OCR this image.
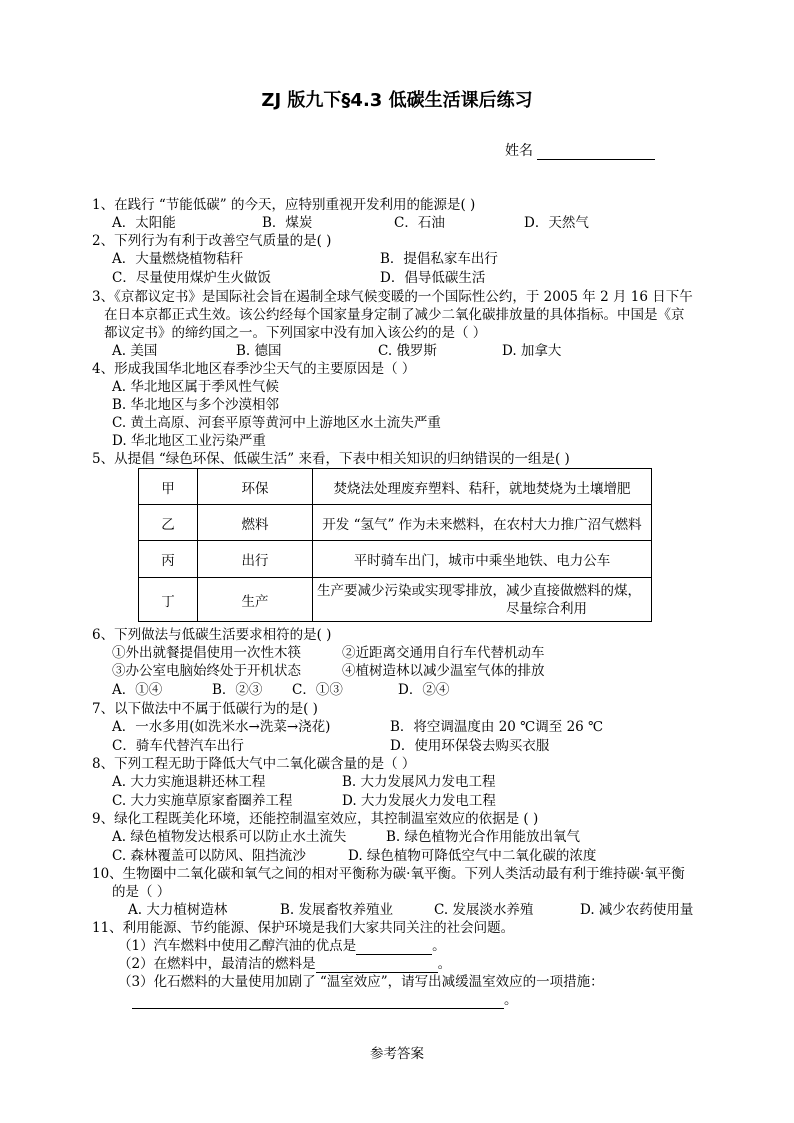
ZJ 版九下§4.3 低碳生活课后练习
姓名
1、在践行 “节能低碳” 的今天，应特别重视开发利用的能源是( )
A．太阳能	B．煤炭	C．石油	D．天然气
2、下列行为有利于改善空气质量的是( )
A．大量燃烧植物秸秆	B．提倡私家车出行
C．尽量使用煤炉生火做饭	D．倡导低碳生活
3、《京都议定书》是国际社会旨在遏制全球气候变暖的一个国际性公约，于 2005 年 2 月 16 日下午
在日本京都正式生效。该公约经每个国家量身定制了减少二氧化碳排放量的具体指标。中国是《京
都议定书》的缔约国之一。下列国家中没有加入该公约的是（ ）
A. 美国	B. 德国	C. 俄罗斯	D. 加拿大
4、形成我国华北地区春季沙尘天气的主要原因是（ ）
A. 华北地区属于季风性气候
B. 华北地区与多个沙漠相邻
C. 黄土高原、河套平原等黄河中上游地区水土流失严重
D. 华北地区工业污染严重
5、从提倡 “绿色环保、低碳生活” 来看，下表中相关知识的归纳错误的一组是( )
甲	环保	焚烧法处理废弃塑料、秸秆，就地焚烧为土壤增肥
乙	燃料	开发 “氢气” 作为未来燃料，在农村大力推广沼气燃料
丙	出行	平时骑车出门，城市中乘坐地铁、电力公车
丁	生产	生产要减少污染或实现零排放，减少直接做燃料的煤，
尽量综合利用
6、下列做法与低碳生活要求相符的是( )
①外出就餐提倡使用一次性木筷	②近距离交通用自行车代替机动车
③办公室电脑始终处于开机状态	④植树造林以减少温室气体的排放
A．①④	B．②③ C．①③	D．②④
7、以下做法中不属于低碳行为的是( )
A．一水多用(如洗米水→洗菜→浇花)	B．将空调温度由 20 ℃调至 26 ℃
C．骑车代替汽车出行	D．使用环保袋去购买衣服
8、下列工程无助于降低大气中二氧化碳含量的是（ ）
A. 大力实施退耕还林工程	B. 大力发展风力发电工程
C. 大力实施草原家畜圈养工程	D. 大力发展火力发电工程
9、绿化工程既美化环境，还能控制温室效应，其控制温室效应的依据是 ( )
A. 绿色植物发达根系可以防止水土流失	B. 绿色植物光合作用能放出氧气
C. 森林覆盖可以防风、阻挡流沙	D. 绿色植物可降低空气中二氧化碳的浓度
10、生物圈中二氧化碳和氧气之间的相对平衡称为碳·氧平衡。下列人类活动最有利于维持碳·氧平衡
的是（ ）
A. 大力植树造林	B. 发展畜牧养殖业	C. 发展淡水养殖	D. 减少农药使用量
11、利用能源、节约能源、保护环境是我们大家共同关注的社会问题。
（1）汽车燃料中使用乙醇汽油的优点是	。
（2）在燃料中，最清洁的燃料是	。
（3）化石燃料的大量使用加剧了 “温室效应”，请写出减缓温室效应的一项措施：
。
参考答案
